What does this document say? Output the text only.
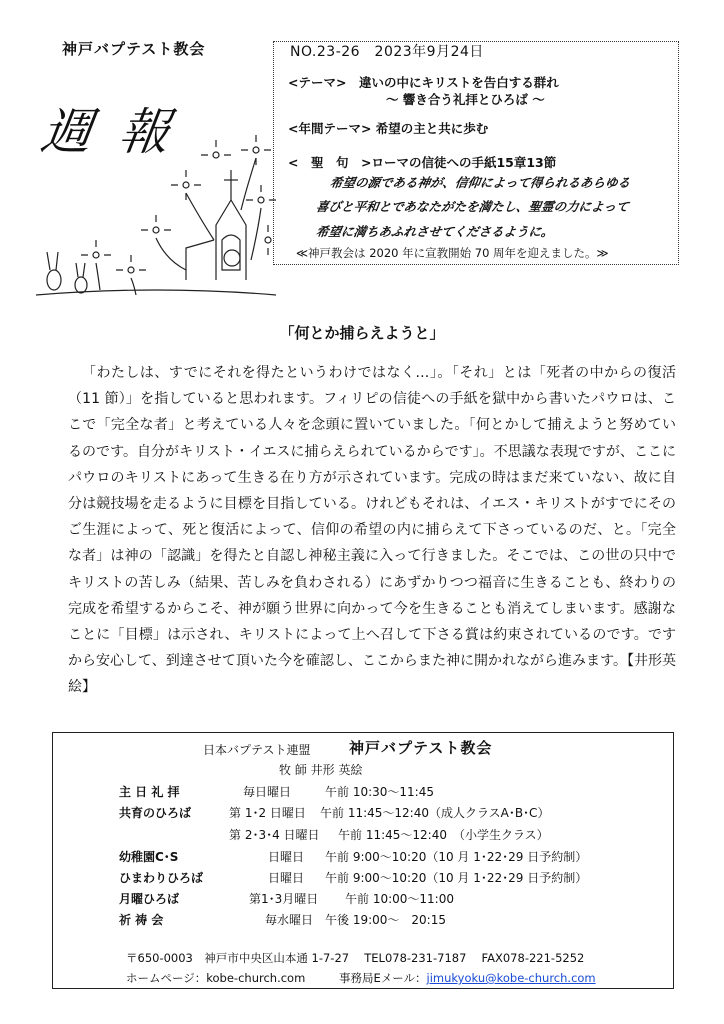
神戸バプテスト教会
週報
NO.23-26　2023年9月24日
<テーマ>　違いの中にキリストを告白する群れ
～ 響き合う礼拝とひろば ～
<年間テーマ> 希望の主と共に歩む
<　聖　句　>ローマの信徒への手紙15章13節
希望の源である神が、信仰によって得られるあらゆる
喜びと平和とであなたがたを満たし、聖霊の力によって
希望に満ちあふれさせてくださるように。
≪神戸教会は 2020 年に宣教開始 70 周年を迎えました。≫
「何とか捕らえようと」
「わたしは、すでにそれを得たというわけではなく…」。「それ」とは「死者の中からの復活（11 節）」を指していると思われます。フィリピの信徒への手紙を獄中から書いたパウロは、ここで「完全な者」と考えている人々を念頭に置いていました。「何とかして捕えようと努めているのです。自分がキリスト・イエスに捕らえられているからです」。不思議な表現ですが、ここにパウロのキリストにあって生きる在り方が示されています。完成の時はまだ来ていない、故に自分は競技場を走るように目標を目指している。けれどもそれは、イエス・キリストがすでにそのご生涯によって、死と復活によって、信仰の希望の内に捕らえて下さっているのだ、と。「完全な者」は神の「認識」を得たと自認し神秘主義に入って行きました。そこでは、この世の只中でキリストの苦しみ（結果、苦しみを負わされる）にあずかりつつ福音に生きることも、終わりの完成を希望するからこそ、神が願う世界に向かって今を生きることも消えてしまいます。感謝なことに「目標」は示され、キリストによって上へ召して下さる賞は約束されているのです。ですから安心して、到達させて頂いた今を確認し、ここからまた神に開かれながら進みます。【井形英絵】
日本バプテスト連盟	神戸バプテスト教会
牧 師 井形 英絵
主 日 礼 拝	毎日曜日	午前 10:30～11:45
共育のひろば	第 1･2 日曜日 午前 11:45～12:40（成人クラスA･B･C）
第 2･3･4 日曜日 午前 11:45～12:40　（小学生クラス）
幼稚園C･S	日曜日 午前 9:00～10:20（10 月 1･22･29 日予約制）
ひまわりひろば	日曜日 午前 9:00～10:20（10 月 1･22･29 日予約制）
月曜ひろば	第1･3月曜日 午前 10:00～11:00
祈 祷 会	毎水曜日 午後 19:00～　20:15
〒650-0003　神戸市中央区山本通 1-7-27　 TEL078-231-7187　 FAX078-221-5252
ホームページ：kobe-church.com	事務局Eメール：jimukyoku@kobe-church.com
